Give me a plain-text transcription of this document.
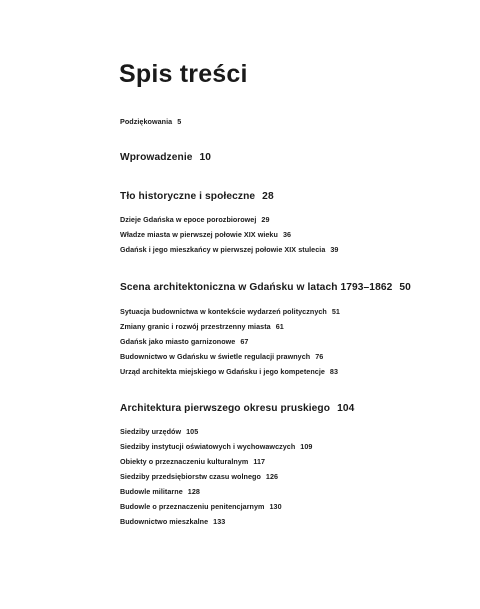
Spis treści
Podziękowania 5
Wprowadzenie 10
Tło historyczne i społeczne 28
Dzieje Gdańska w epoce porozbiorowej 29
Władze miasta w pierwszej połowie XIX wieku 36
Gdańsk i jego mieszkańcy w pierwszej połowie XIX stulecia 39
Scena architektoniczna w Gdańsku w latach 1793–1862 50
Sytuacja budownictwa w kontekście wydarzeń politycznych 51
Zmiany granic i rozwój przestrzenny miasta 61
Gdańsk jako miasto garnizonowe 67
Budownictwo w Gdańsku w świetle regulacji prawnych 76
Urząd architekta miejskiego w Gdańsku i jego kompetencje 83
Architektura pierwszego okresu pruskiego 104
Siedziby urzędów 105
Siedziby instytucji oświatowych i wychowawczych 109
Obiekty o przeznaczeniu kulturalnym 117
Siedziby przedsiębiorstw czasu wolnego 126
Budowle militarne 128
Budowle o przeznaczeniu penitencjarnym 130
Budownictwo mieszkalne 133
